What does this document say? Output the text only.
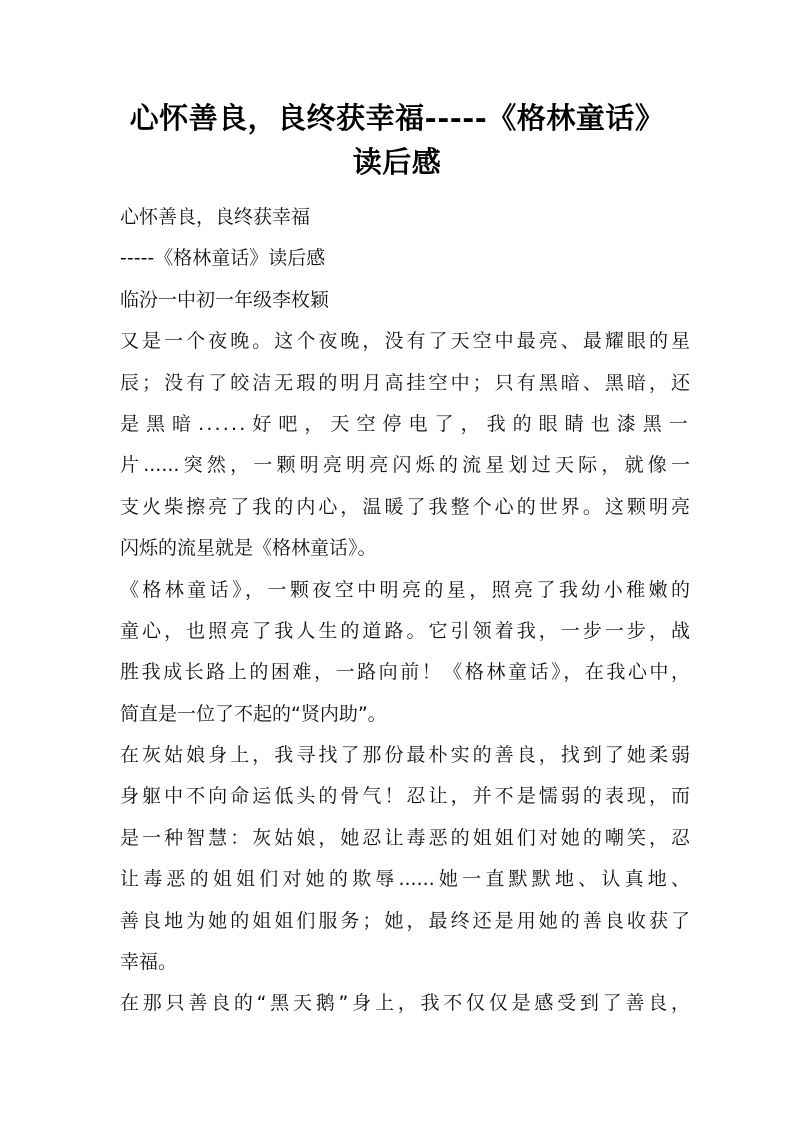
心怀善良，良终获幸福-----《格林童话》
读后感

心怀善良，良终获幸福

-----《格林童话》读后感

临汾一中初一年级李枚颖

又是一个夜晚。这个夜晚，没有了天空中最亮、最耀眼的星

辰；没有了皎洁无瑕的明月高挂空中；只有黑暗、黑暗，还

是黑暗......好吧，天空停电了，我的眼睛也漆黑一

片......突然，一颗明亮明亮闪烁的流星划过天际，就像一

支火柴擦亮了我的内心，温暖了我整个心的世界。这颗明亮

闪烁的流星就是《格林童话》。

《格林童话》，一颗夜空中明亮的星，照亮了我幼小稚嫩的

童心，也照亮了我人生的道路。它引领着我，一步一步，战

胜我成长路上的困难，一路向前！《格林童话》，在我心中，

简直是一位了不起的“贤内助”。

在灰姑娘身上，我寻找了那份最朴实的善良，找到了她柔弱

身躯中不向命运低头的骨气！忍让，并不是懦弱的表现，而

是一种智慧：灰姑娘，她忍让毒恶的姐姐们对她的嘲笑，忍

让毒恶的姐姐们对她的欺辱......她一直默默地、认真地、

善良地为她的姐姐们服务；她，最终还是用她的善良收获了

幸福。

在那只善良的“黑天鹅”身上，我不仅仅是感受到了善良，
